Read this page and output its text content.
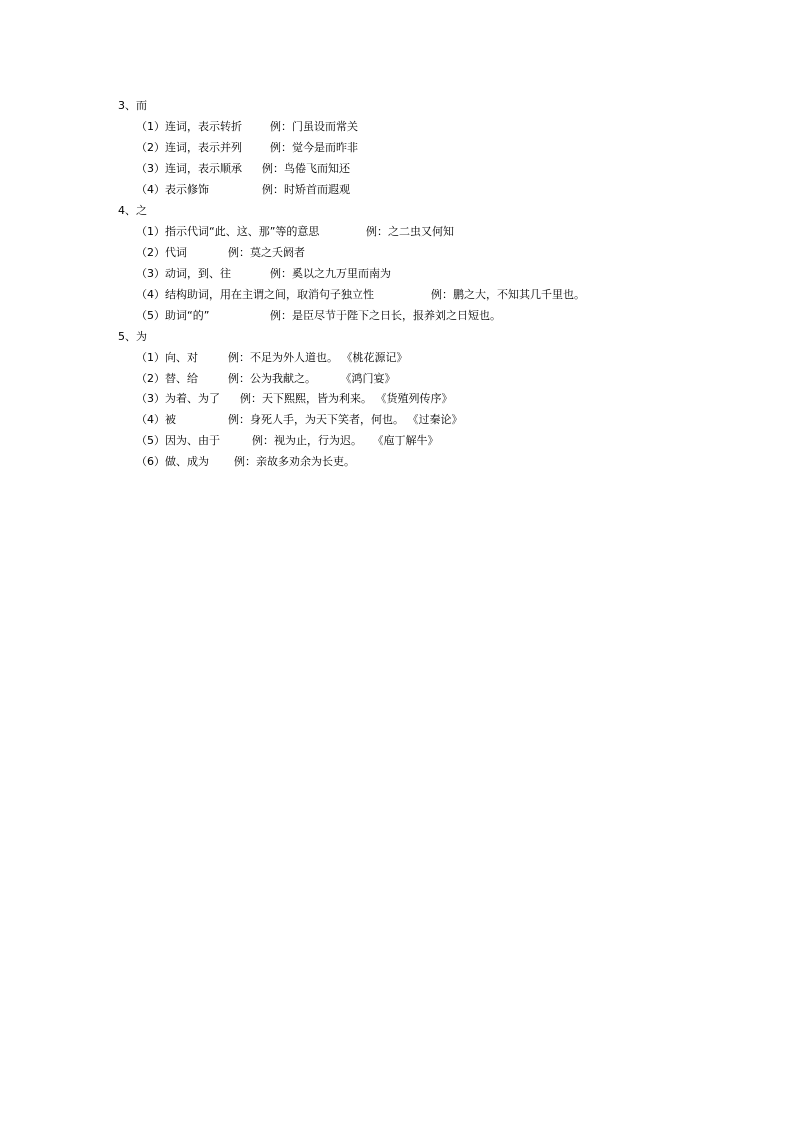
3、而
（1）连词，表示转折	例：门虽设而常关
（2）连词，表示并列	例：觉今是而昨非
（3）连词，表示顺承 例：鸟倦飞而知还
（4）表示修饰	例：时矫首而遐观
4、之
（1）指示代词“此、这、那”等的意思	例：之二虫又何知
（2）代词	例：莫之夭阏者
（3）动词，到、往	例：奚以之九万里而南为
（4）结构助词，用在主谓之间，取消句子独立性	例：鹏之大，不知其几千里也。
（5）助词“的”	例：是臣尽节于陛下之日长，报养刘之日短也。
5、为
（1）向、对	例：不足为外人道也。 《桃花源记》
（2）替、给	例：公为我献之。       《鸿门宴》
（3）为着、为了 例：天下熙熙，皆为利来。 《货殖列传序》
（4）被	例：身死人手，为天下笑者，何也。 《过秦论》
（5）因为、由于	例：视为止，行为迟。   《庖丁解牛》
（6）做、成为 例：亲故多劝余为长吏。
